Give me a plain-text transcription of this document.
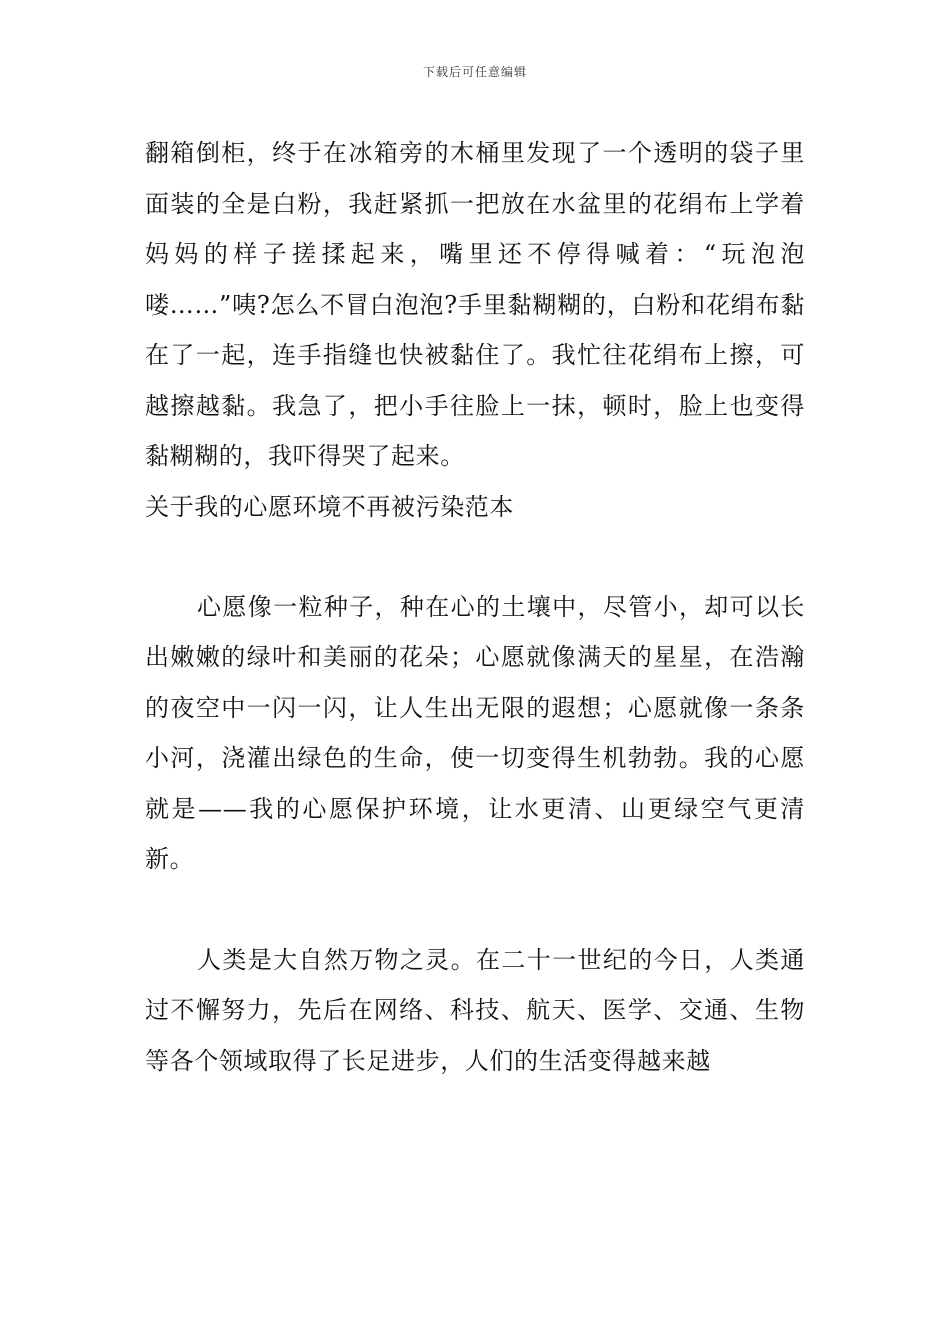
下载后可任意编辑

翻箱倒柜，终于在冰箱旁的木桶里发现了一个透明的袋子里面装的全是白粉，我赶紧抓一把放在水盆里的花绢布上学着妈妈的样子搓揉起来，嘴里还不停得喊着：“玩泡泡喽……”咦?怎么不冒白泡泡?手里黏糊糊的，白粉和花绢布黏在了一起，连手指缝也快被黏住了。我忙往花绢布上擦，可越擦越黏。我急了，把小手往脸上一抹，顿时，脸上也变得黏糊糊的，我吓得哭了起来。

关于我的心愿环境不再被污染范本

心愿像一粒种子，种在心的土壤中，尽管小，却可以长出嫩嫩的绿叶和美丽的花朵；心愿就像满天的星星，在浩瀚的夜空中一闪一闪，让人生出无限的遐想；心愿就像一条条小河，浇灌出绿色的生命，使一切变得生机勃勃。我的心愿就是——我的心愿保护环境，让水更清、山更绿空气更清新。

人类是大自然万物之灵。在二十一世纪的今日，人类通过不懈努力，先后在网络、科技、航天、医学、交通、生物等各个领域取得了长足进步，人们的生活变得越来越
